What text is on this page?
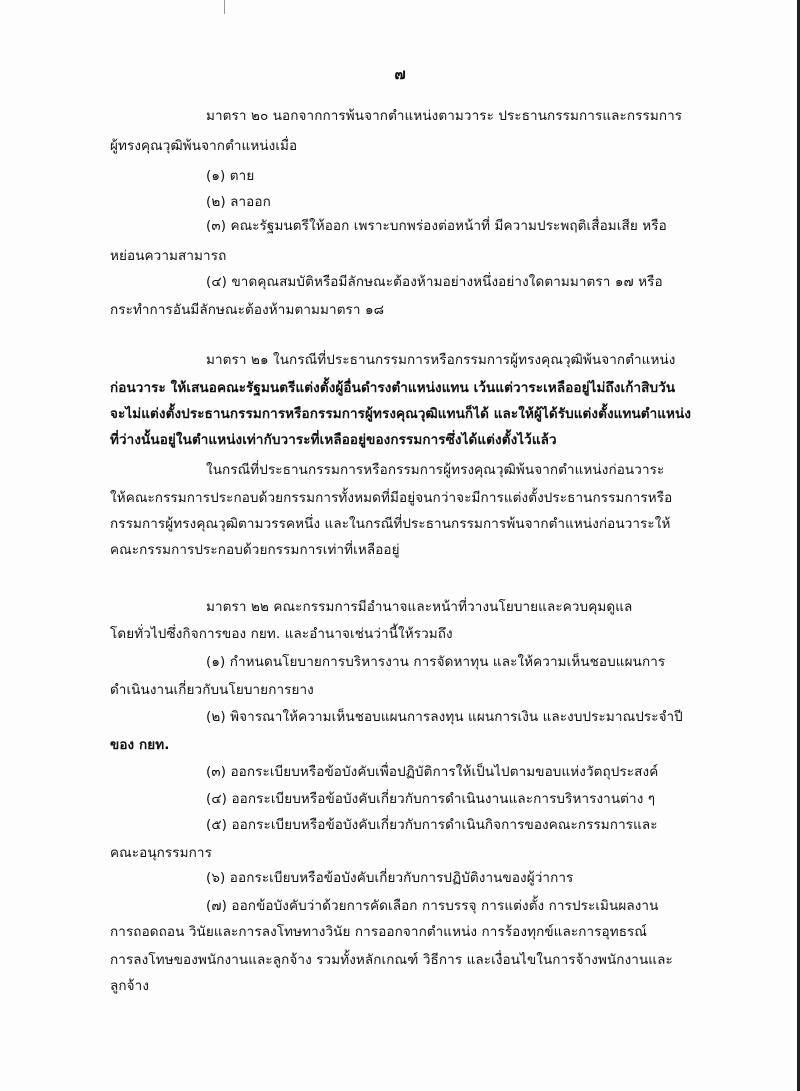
๗
มาตรา ๒๐ นอกจากการพ้นจากตำแหน่งตามวาระ ประธานกรรมการและกรรมการ
ผู้ทรงคุณวุฒิพ้นจากตำแหน่งเมื่อ
(๑) ตาย
(๒) ลาออก
(๓) คณะรัฐมนตรีให้ออก เพราะบกพร่องต่อหน้าที่ มีความประพฤติเสื่อมเสีย หรือ
หย่อนความสามารถ
(๔) ขาดคุณสมบัติหรือมีลักษณะต้องห้ามอย่างหนึ่งอย่างใดตามมาตรา ๑๗ หรือ
กระทำการอันมีลักษณะต้องห้ามตามมาตรา ๑๘
มาตรา ๒๑ ในกรณีที่ประธานกรรมการหรือกรรมการผู้ทรงคุณวุฒิพ้นจากตำแหน่ง
ก่อนวาระ ให้เสนอคณะรัฐมนตรีแต่งตั้งผู้อื่นดำรงตำแหน่งแทน เว้นแต่วาระเหลืออยู่ไม่ถึงเก้าสิบวัน
จะไม่แต่งตั้งประธานกรรมการหรือกรรมการผู้ทรงคุณวุฒิแทนก็ได้ และให้ผู้ได้รับแต่งตั้งแทนตำแหน่ง
ที่ว่างนั้นอยู่ในตำแหน่งเท่ากับวาระที่เหลืออยู่ของกรรมการซึ่งได้แต่งตั้งไว้แล้ว
ในกรณีที่ประธานกรรมการหรือกรรมการผู้ทรงคุณวุฒิพ้นจากตำแหน่งก่อนวาระ
ให้คณะกรรมการประกอบด้วยกรรมการทั้งหมดที่มีอยู่จนกว่าจะมีการแต่งตั้งประธานกรรมการหรือ
กรรมการผู้ทรงคุณวุฒิตามวรรคหนึ่ง และในกรณีที่ประธานกรรมการพ้นจากตำแหน่งก่อนวาระให้
คณะกรรมการประกอบด้วยกรรมการเท่าที่เหลืออยู่
มาตรา ๒๒ คณะกรรมการมีอำนาจและหน้าที่วางนโยบายและควบคุมดูแล
โดยทั่วไปซึ่งกิจการของ กยท. และอำนาจเช่นว่านี้ให้รวมถึง
(๑) กำหนดนโยบายการบริหารงาน การจัดหาทุน และให้ความเห็นชอบแผนการ
ดำเนินงานเกี่ยวกับนโยบายการยาง
(๒) พิจารณาให้ความเห็นชอบแผนการลงทุน แผนการเงิน และงบประมาณประจำปี
ของ กยท.
(๓) ออกระเบียบหรือข้อบังคับเพื่อปฏิบัติการให้เป็นไปตามขอบแห่งวัตถุประสงค์
(๔) ออกระเบียบหรือข้อบังคับเกี่ยวกับการดำเนินงานและการบริหารงานต่าง ๆ
(๕) ออกระเบียบหรือข้อบังคับเกี่ยวกับการดำเนินกิจการของคณะกรรมการและ
คณะอนุกรรมการ
(๖) ออกระเบียบหรือข้อบังคับเกี่ยวกับการปฏิบัติงานของผู้ว่าการ
(๗) ออกข้อบังคับว่าด้วยการคัดเลือก การบรรจุ การแต่งตั้ง การประเมินผลงาน
การถอดถอน วินัยและการลงโทษทางวินัย การออกจากตำแหน่ง การร้องทุกข์และการอุทธรณ์
การลงโทษของพนักงานและลูกจ้าง รวมทั้งหลักเกณฑ์ วิธีการ และเงื่อนไขในการจ้างพนักงานและ
ลูกจ้าง
